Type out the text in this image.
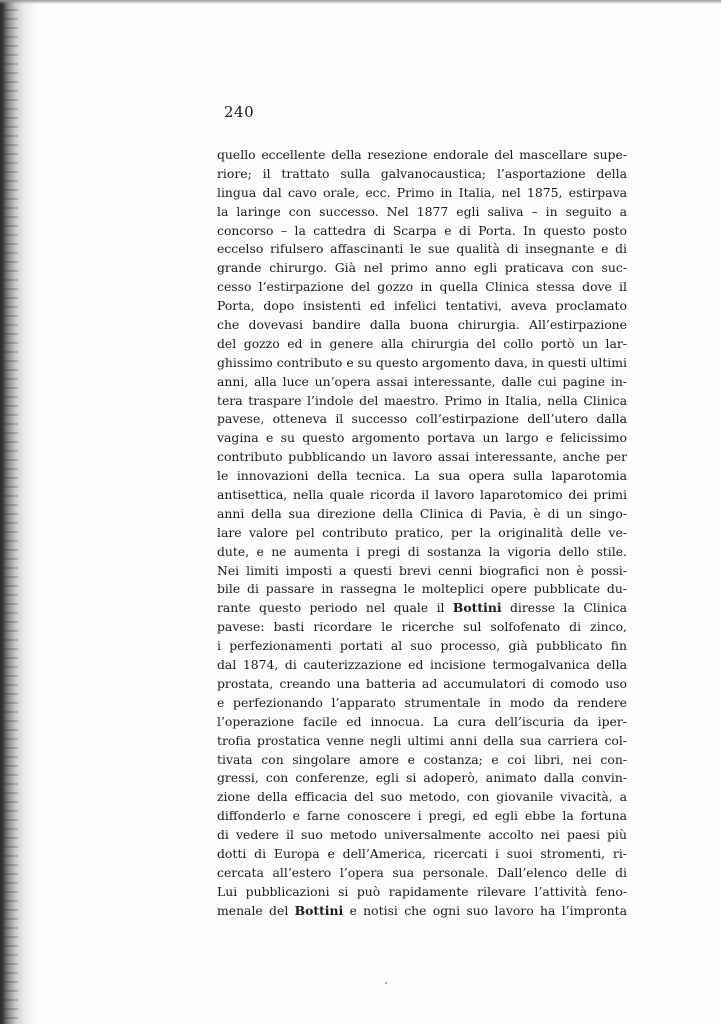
240
quello eccellente della resezione endorale del mascellare supe-
riore; il trattato sulla galvanocaustica; l’asportazione della
lingua dal cavo orale, ecc. Primo in Italia, nel 1875, estirpava
la laringe con successo. Nel 1877 egli saliva – in seguito a
concorso – la cattedra di Scarpa e di Porta. In questo posto
eccelso rifulsero affascinanti le sue qualità di insegnante e di
grande chirurgo. Già nel primo anno egli praticava con suc-
cesso l’estirpazione del gozzo in quella Clinica stessa dove il
Porta, dopo insistenti ed infelici tentativi, aveva proclamato
che dovevasi bandire dalla buona chirurgia. All’estirpazione
del gozzo ed in genere alla chirurgia del collo portò un lar-
ghissimo contributo e su questo argomento dava, in questi ultimi
anni, alla luce un’opera assai interessante, dalle cui pagine in-
tera traspare l’indole del maestro. Primo in Italia, nella Clinica
pavese, otteneva il successo coll’estirpazione dell’utero dalla
vagina e su questo argomento portava un largo e felicissimo
contributo pubblicando un lavoro assai interessante, anche per
le innovazioni della tecnica. La sua opera sulla laparotomia
antisettica, nella quale ricorda il lavoro laparotomico dei primi
anni della sua direzione della Clinica di Pavia, è di un singo-
lare valore pel contributo pratico, per la originalità delle ve-
dute, e ne aumenta i pregi di sostanza la vigoria dello stile.
Nei limiti imposti a questi brevi cenni biografici non è possi-
bile di passare in rassegna le molteplici opere pubblicate du-
rante questo periodo nel quale il Bottini diresse la Clinica
pavese: basti ricordare le ricerche sul solfofenato di zinco,
i perfezionamenti portati al suo processo, già pubblicato fin
dal 1874, di cauterizzazione ed incisione termogalvanica della
prostata, creando una batteria ad accumulatori di comodo uso
e perfezionando l’apparato strumentale in modo da rendere
l’operazione facile ed innocua. La cura dell’iscuria da iper-
trofia prostatica venne negli ultimi anni della sua carriera col-
tivata con singolare amore e costanza; e coi libri, nei con-
gressi, con conferenze, egli si adoperò, animato dalla convin-
zione della efficacia del suo metodo, con giovanile vivacità, a
diffonderlo e farne conoscere i pregi, ed egli ebbe la fortuna
di vedere il suo metodo universalmente accolto nei paesi più
dotti di Europa e dell’America, ricercati i suoi stromenti, ri-
cercata all’estero l’opera sua personale. Dall’elenco delle di
Lui pubblicazioni si può rapidamente rilevare l’attività feno-
menale del Bottini e notisi che ogni suo lavoro ha l’impronta
